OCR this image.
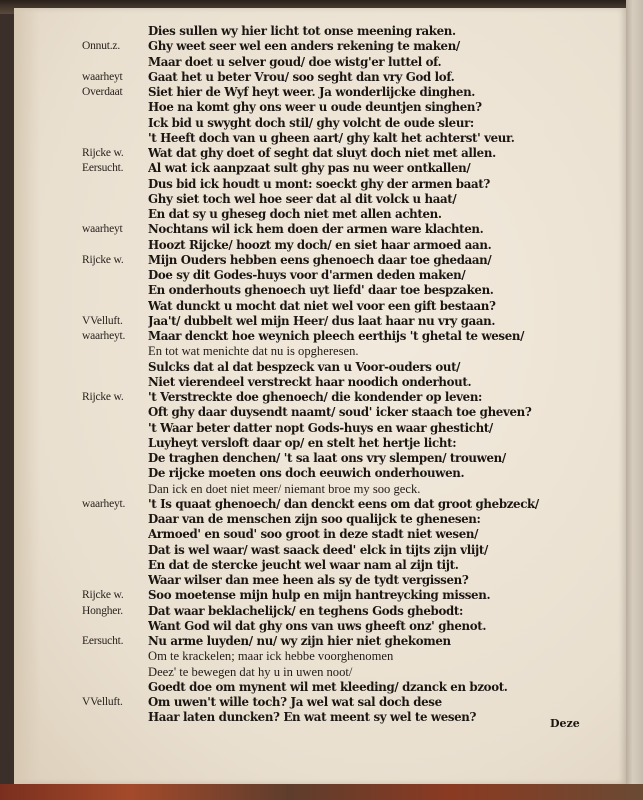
Dies sullen wy hier licht tot onse meening raken.
Onnut.z.	Ghy weet seer wel een anders rekening te maken/
Maar doet u selver goud/ doe wistg'er luttel of.
waarheyt	Gaat het u beter Vrou/ soo seght dan vry God lof.
Overdaat	Siet hier de Wyf heyt weer. Ja wonderlijcke dinghen.
Hoe na komt ghy ons weer u oude deuntjen singhen?
Ick bid u swyght doch stil/ ghy volcht de oude sleur:
't Heeft doch van u gheen aart/ ghy kalt het achterst' veur.
Rijcke w.	Wat dat ghy doet of seght dat sluyt doch niet met allen.
Eersucht.	Al wat ick aanpzaat sult ghy pas nu weer ontkallen/
Dus bid ick houdt u mont: soeckt ghy der armen baat?
Ghy siet toch wel hoe seer dat al dit volck u haat/
En dat sy u gheseg doch niet met allen achten.
waarheyt	Nochtans wil ick hem doen der armen ware klachten.
Hoozt Rijcke/ hoozt my doch/ en siet haar armoed aan.
Rijcke w.	Mijn Ouders hebben eens ghenoech daar toe ghedaan/
Doe sy dit Godes-huys voor d'armen deden maken/
En onderhouts ghenoech uyt liefd' daar toe bespzaken.
Wat dunckt u mocht dat niet wel voor een gift bestaan?
VVelluft.	Jaa't/ dubbelt wel mijn Heer/ dus laat haar nu vry gaan.
waarheyt.	Maar denckt hoe weynich pleech eerthijs 't ghetal te wesen/
En tot wat menichte dat nu is opgheresen.
Sulcks dat al dat bespzeck van u Voor-ouders out/
Niet vierendeel verstreckt haar noodich onderhout.
Rijcke w.	't Verstreckte doe ghenoech/ die kondender op leven:
Oft ghy daar duysendt naamt/ soud' icker staach toe gheven?
't Waar beter datter nopt Gods-huys en waar ghesticht/
Luyheyt versloft daar op/ en stelt het hertje licht:
De traghen denchen/ 't sa laat ons vry slempen/ trouwen/
De rijcke moeten ons doch eeuwich onderhouwen.
Dan ick en doet niet meer/ niemant broe my soo geck.
waarheyt.	't Is quaat ghenoech/ dan denckt eens om dat groot ghebzeck/
Daar van de menschen zijn soo qualijck te ghenesen:
Armoed' en soud' soo groot in deze stadt niet wesen/
Dat is wel waar/ wast saack deed' elck in tijts zijn vlijt/
En dat de stercke jeucht wel waar nam al zijn tijt.
Waar wilser dan mee heen als sy de tydt vergissen?
Rijcke w.	Soo moetense mijn hulp en mijn hantreycking missen.
Hongher.	Dat waar beklachelijck/ en teghens Gods ghebodt:
Want God wil dat ghy ons van uws gheeft onz' ghenot.
Eersucht.	Nu arme luyden/ nu/ wy zijn hier niet ghekomen
Om te krackelen; maar ick hebbe voorghenomen
Deez' te bewegen dat hy u in uwen noot/
Goedt doe om mynent wil met kleeding/ dzanck en bzoot.
VVelluft.	Om uwen't wille toch? Ja wel wat sal doch dese
Haar laten duncken? En wat meent sy wel te wesen?	Deze
